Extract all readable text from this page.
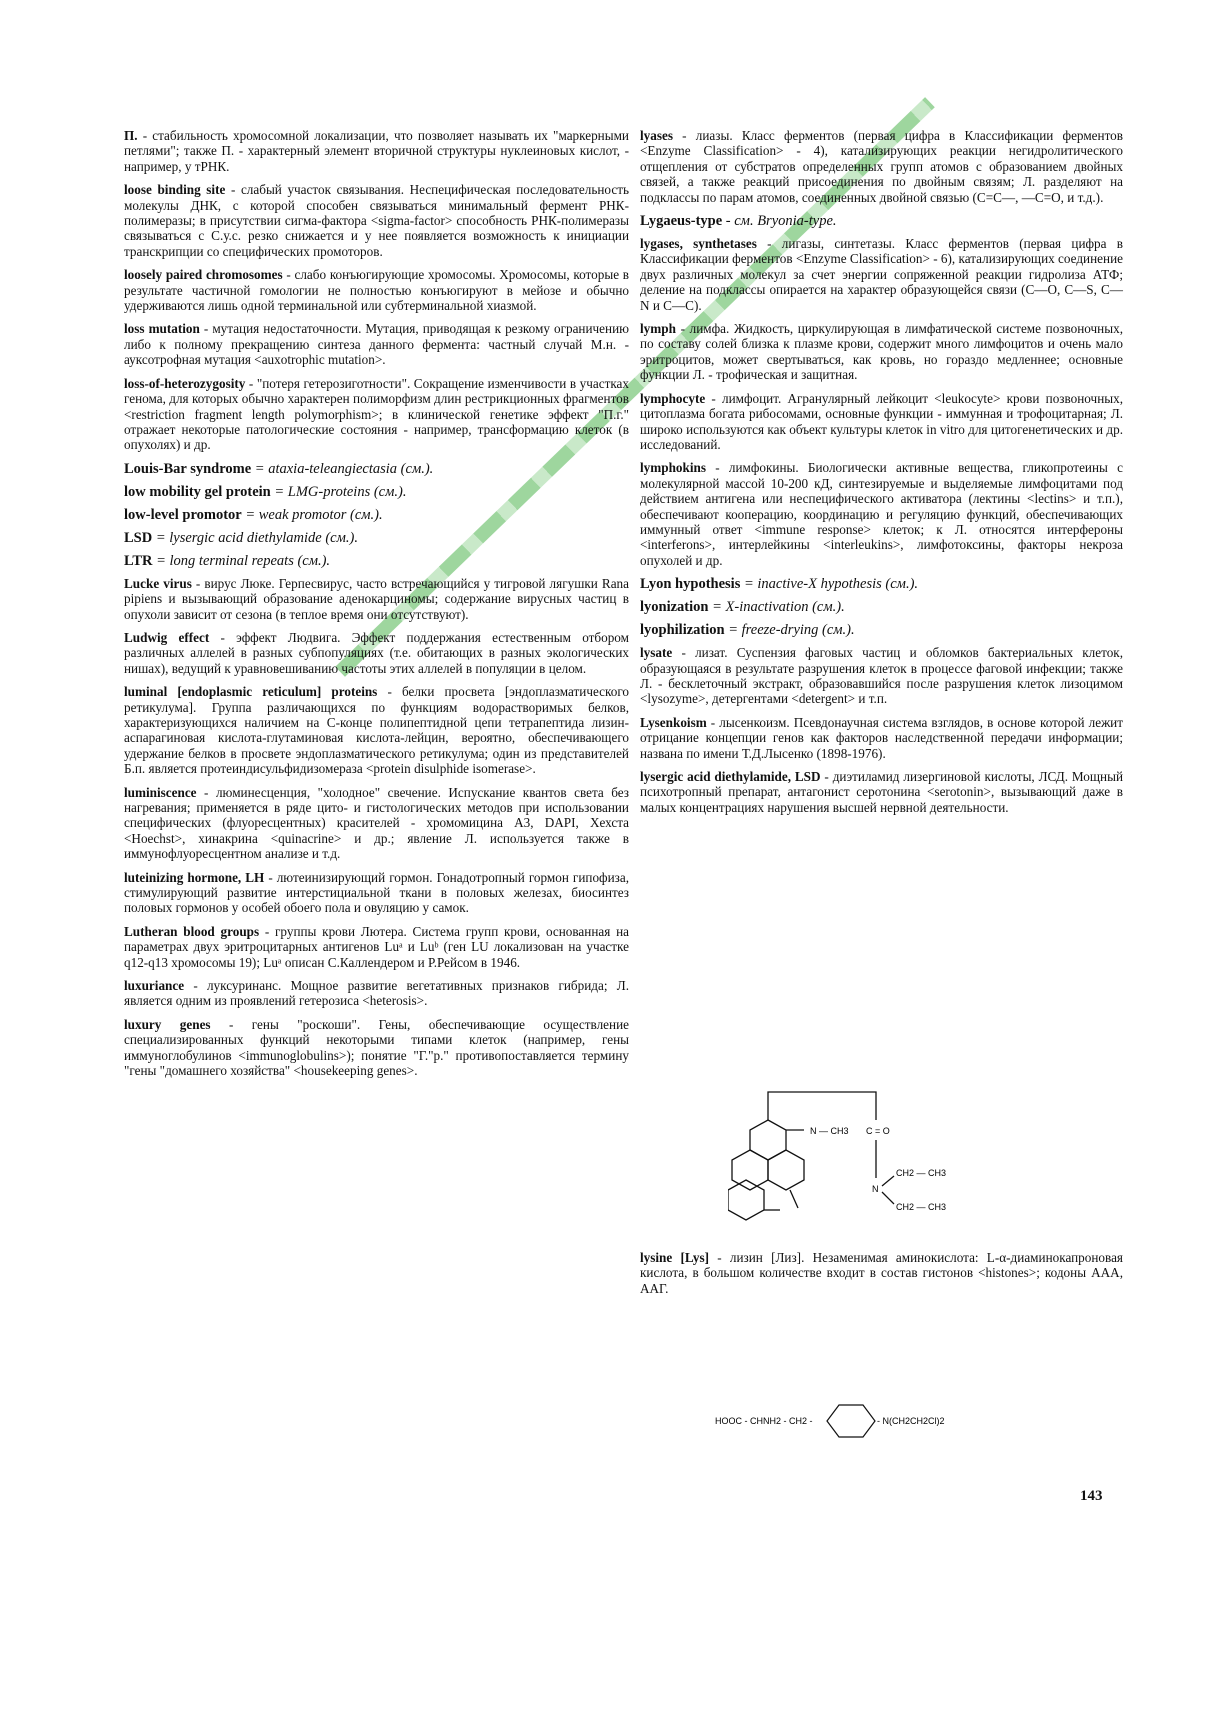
П. - стабильность хромосомной локализации, что позволяет называть их "маркерными петлями"; также П. - характерный элемент вторичной структуры нуклеиновых кислот, - например, у тРНК.
loose binding site - слабый участок связывания. Неспецифическая последовательность молекулы ДНК, с которой способен связываться минимальный фермент РНК-полимеразы; в присутствии сигма-фактора <sigma-factor> способность РНК-полимеразы связываться с С.у.с. резко снижается и у нее появляется возможность к инициации транскрипции со специфических промоторов.
loosely paired chromosomes - слабо конъюгирующие хромосомы. Хромосомы, которые в результате частичной гомологии не полностью конъюгируют в мейозе и обычно удерживаются лишь одной терминальной или субтерминальной хиазмой.
loss mutation - мутация недостаточности. Мутация, приводящая к резкому ограничению либо к полному прекращению синтеза данного фермента: частный случай М.н. - ауксотрофная мутация <auxotrophic mutation>.
loss-of-heterozygosity - "потеря гетерозиготности". Сокращение изменчивости в участках генома, для которых обычно характерен полиморфизм длин рестрикционных фрагментов <restriction fragment length polymorphism>; в клинической генетике эффект "П.г." отражает некоторые патологические состояния - например, трансформацию клеток (в опухолях) и др.
Louis-Bar syndrome = ataxia-teleangiectasia (см.).
low mobility gel protein = LMG-proteins (см.).
low-level promotor = weak promotor (см.).
LSD = lysergic acid diethylamide (см.).
LTR = long terminal repeats (см.).
Lucke virus - вирус Люке. Герпесвирус, часто встречающийся у тигровой лягушки Rana pipiens и вызывающий образование аденокарциномы; содержание вирусных частиц в опухоли зависит от сезона (в теплое время они отсутствуют).
Ludwig effect - эффект Людвига. Эффект поддержания естественным отбором различных аллелей в разных субпопуляциях (т.е. обитающих в разных экологических нишах), ведущий к уравновешиванию частоты этих аллелей в популяции в целом.
luminal [endoplasmic reticulum] proteins - белки просвета [эндоплазматического ретикулума]. Группа различающихся по функциям водорастворимых белков, характеризующихся наличием на С-конце полипептидной цепи тетрапептида лизин-аспарагиновая кислота-глутаминовая кислота-лейцин, вероятно, обеспечивающего удержание белков в просвете эндоплазматического ретикулума; один из представителей Б.п. является протеиндисульфидизомераза <protein disulphide isomerase>.
luminiscence - люминесценция, "холодное" свечение. Испускание квантов света без нагревания; применяется в ряде цито- и гистологических методов при использовании специфических (флуоресцентных) красителей - хромомицина А3, DAPI, Хехста <Hoechst>, хинакрина <quinacrine> и др.; явление Л. используется также в иммунофлуоресцентном анализе и т.д.
luteinizing hormone, LH - лютеинизирующий гормон. Гонадотропный гормон гипофиза, стимулирующий развитие интерстициальной ткани в половых железах, биосинтез половых гормонов у особей обоего пола и овуляцию у самок.
Lutheran blood groups - группы крови Лютера. Система групп крови, основанная на параметрах двух эритроцитарных антигенов Luᵃ и Luᵇ (ген LU локализован на участке q12-q13 хромосомы 19); Luᵃ описан С.Каллендером и Р.Рейсом в 1946.
luxuriance - луксуринанс. Мощное развитие вегетативных признаков гибрида; Л. является одним из проявлений гетерозиса <heterosis>.
luxury genes - гены "роскоши". Гены, обеспечивающие осуществление специализированных функций некоторыми типами клеток (например, гены иммуноглобулинов <immunoglobulins>); понятие "Г."р." противопоставляется термину "гены "домашнего хозяйства" <housekeeping genes>.
lyases - лиазы. Класс ферментов (первая цифра в Классификации ферментов <Enzyme Classification> - 4), катализирующих реакции негидролитического отщепления от субстратов определенных групп атомов с образованием двойных связей, а также реакций присоединения по двойным связям; Л. разделяют на подклассы по парам атомов, соединенных двойной связью (С=С—, —С=О, и т.д.).
Lygaeus-type - см. Bryonia-type.
lygases, synthetases - лигазы, синтетазы. Класс ферментов (первая цифра в Классификации ферментов <Enzyme Classification> - 6), катализирующих соединение двух различных молекул за счет энергии сопряженной реакции гидролиза АТФ; деление на подклассы опирается на характер образующейся связи (С—О, С—S, С—N и С—С).
lymph - лимфа. Жидкость, циркулирующая в лимфатической системе позвоночных, по составу солей близка к плазме крови, содержит много лимфоцитов и очень мало эритроцитов, может свертываться, как кровь, но гораздо медленнее; основные функции Л. - трофическая и защитная.
lymphocyte - лимфоцит. Агранулярный лейкоцит <leukocyte> крови позвоночных, цитоплазма богата рибосомами, основные функции - иммунная и трофоцитарная; Л. широко используются как объект культуры клеток in vitro для цитогенетических и др. исследований.
lymphokins - лимфокины. Биологически активные вещества, гликопротеины с молекулярной массой 10-200 кД, синтезируемые и выделяемые лимфоцитами под действием антигена или неспецифического активатора (лектины <lectins> и т.п.), обеспечивают кооперацию, координацию и регуляцию функций, обеспечивающих иммунный ответ <immune response> клеток; к Л. относятся интерфероны <interferons>, интерлейкины <interleukins>, лимфотоксины, факторы некроза опухолей и др.
Lyon hypothesis = inactive-X hypothesis (см.).
lyonization = X-inactivation (см.).
lyophilization = freeze-drying (см.).
lysate - лизат. Суспензия фаговых частиц и обломков бактериальных клеток, образующаяся в результате разрушения клеток в процессе фаговой инфекции; также Л. - бесклеточный экстракт, образовавшийся после разрушения клеток лизоцимом <lysozyme>, детергентами <detergent> и т.п.
Lysenkoism - лысенкоизм. Псевдонаучная система взглядов, в основе которой лежит отрицание концепции генов как факторов наследственной передачи информации; названа по имени Т.Д.Лысенко (1898-1976).
lysergic acid diethylamide, LSD - диэтиламид лизергиновой кислоты, ЛСД. Мощный психотропный препарат, антагонист серотонина <serotonin>, вызывающий даже в малых концентрациях нарушения высшей нервной деятельности.
N — CH3 C = O
N
CH2 — CH3
CH2 — CH3
lysine [Lys] - лизин [Лиз]. Незаменимая аминокислота: L-α-диаминокапроновая кислота, в большом количестве входит в состав гистонов <histones>; кодоны ААА, ААГ.
HOOC - CHNH2 - CH2 -	- N(CH2CH2Cl)2
143
